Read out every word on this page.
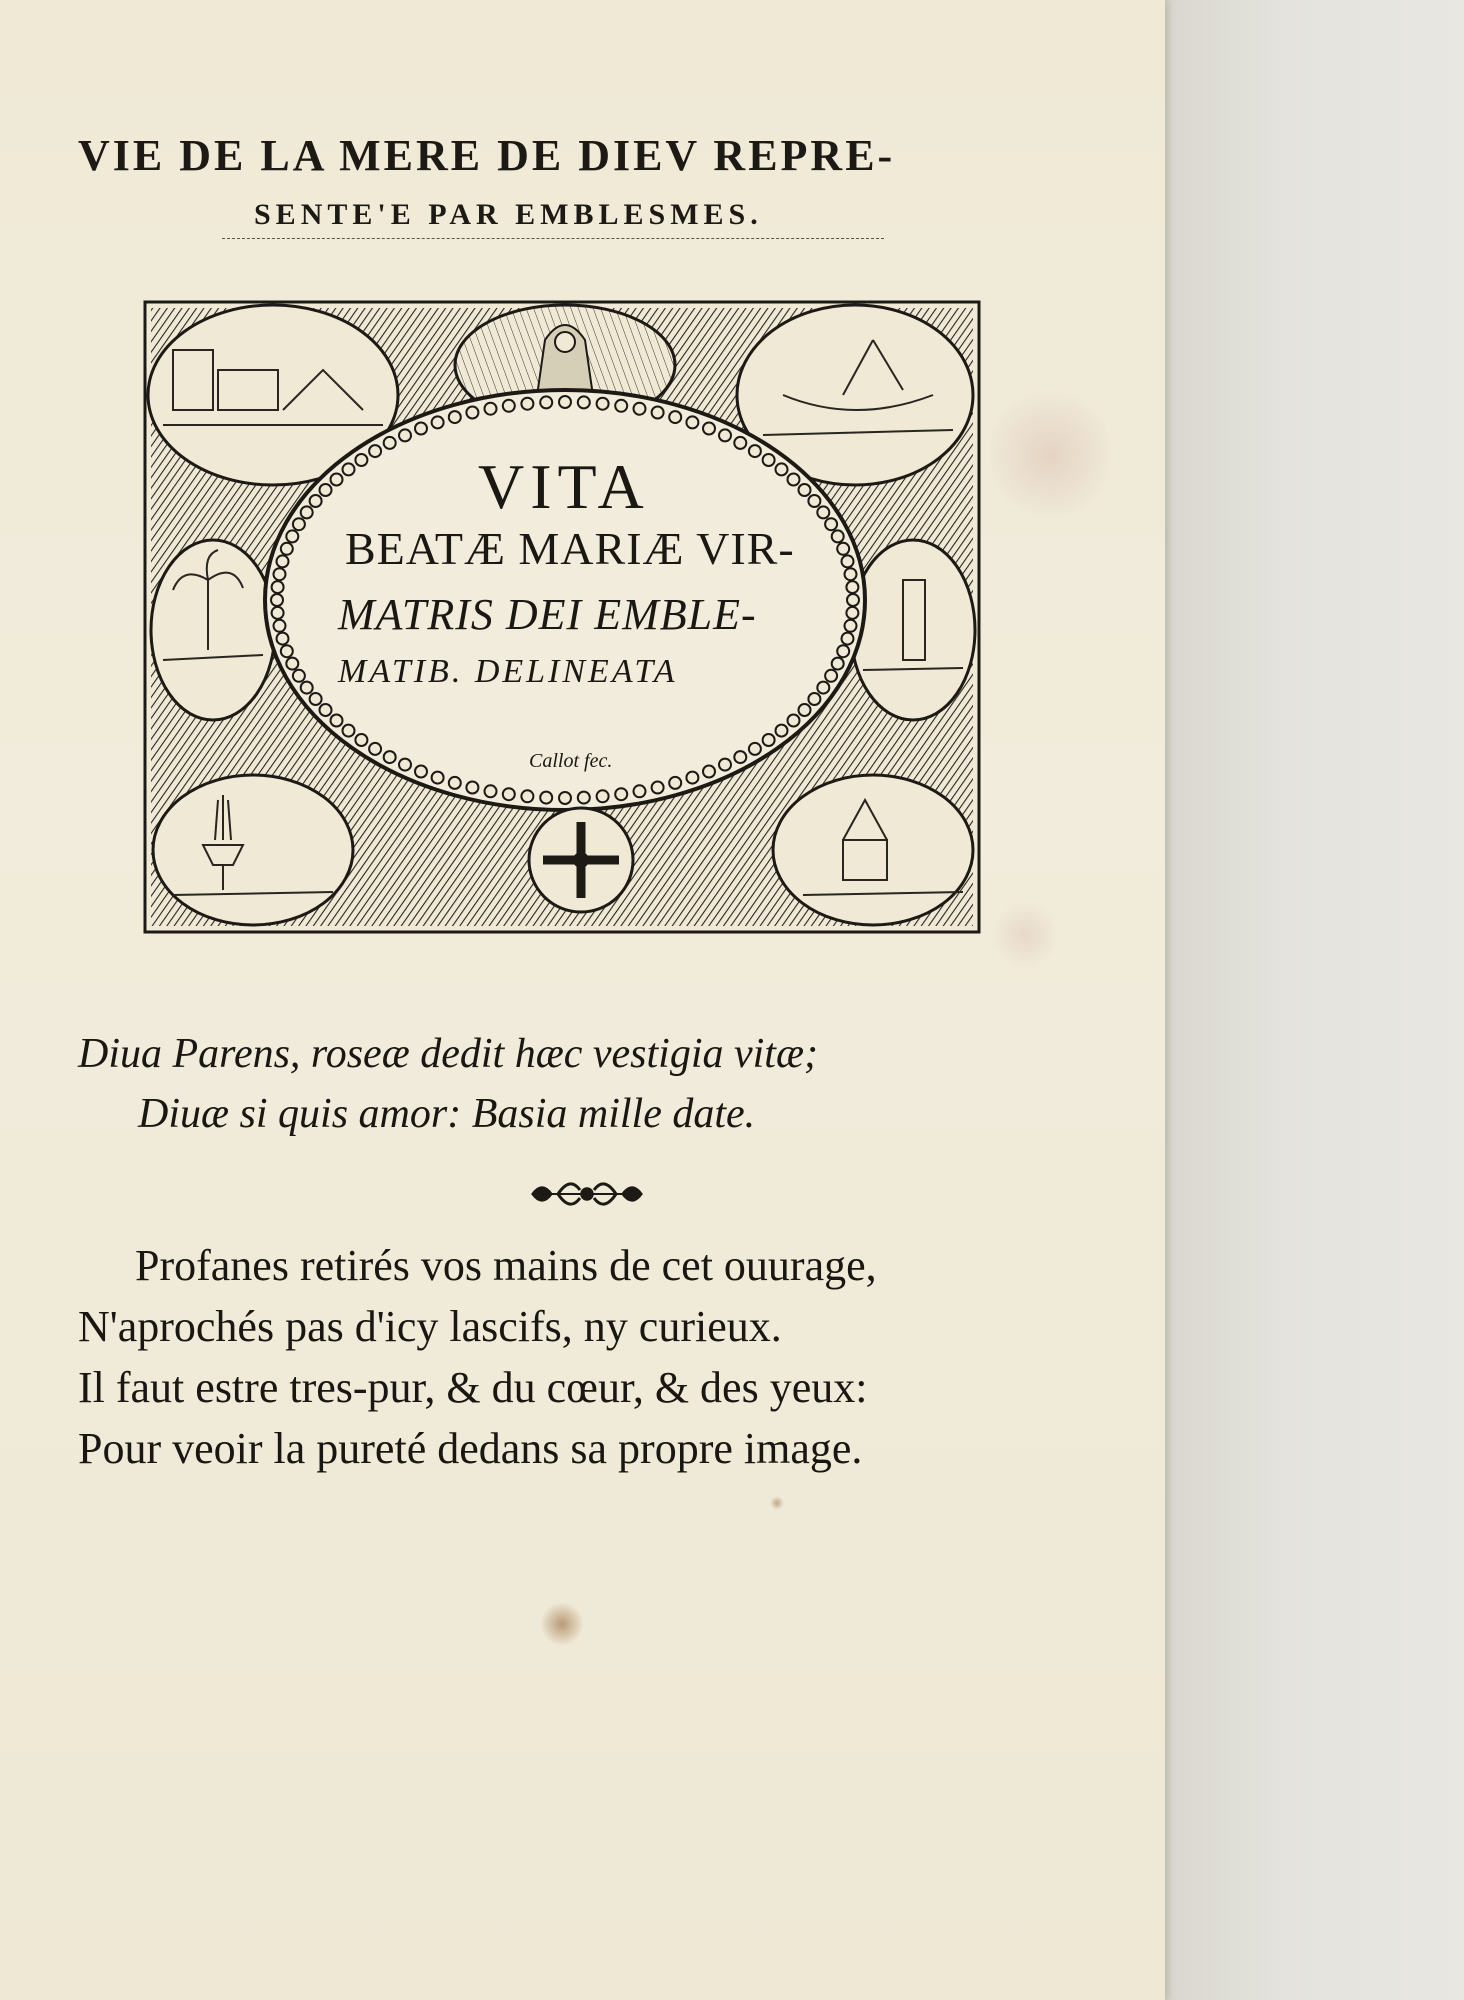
VIE DE LA MERE DE DIEV REPRE-
SENTE'E PAR EMBLESMES.

VITA

BEATÆ MARIÆ VIR-

MATRIS DEI EMBLE-

MATIB. DELINEATA

Callot fec.

Diua Parens, roseæ dedit hæc vestigia vitæ;

Diuæ si quis amor: Basia mille date.

Profanes retirés vos mains de cet ouurage,

N'aprochés pas d'icy lascifs, ny curieux.

Il faut estre tres-pur, & du cœur, & des yeux:

Pour veoir la pureté dedans sa propre image.
